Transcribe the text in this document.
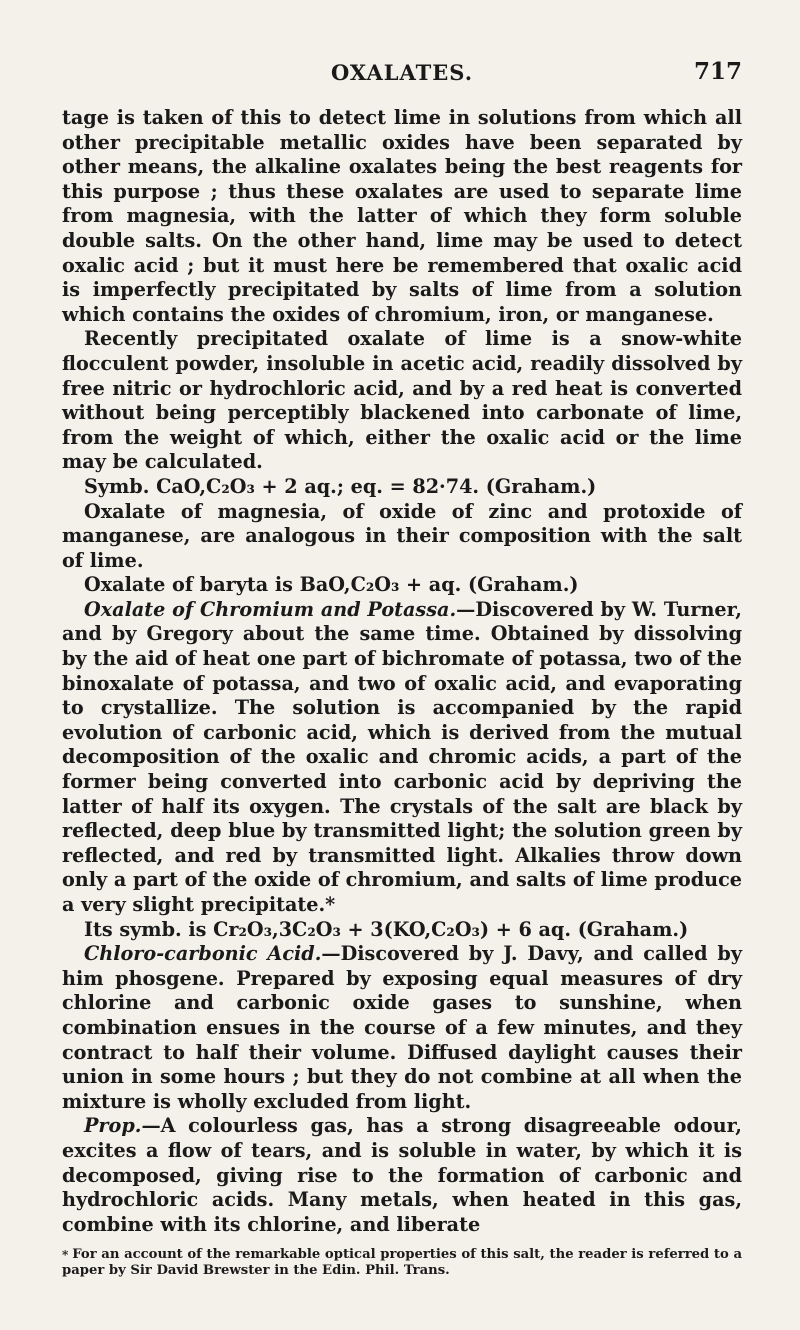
OXALATES.	717

tage is taken of this to detect lime in solutions from which all other precipitable metallic oxides have been separated by other means, the alkaline oxalates being the best reagents for this purpose ; thus these oxalates are used to separate lime from magnesia, with the latter of which they form soluble double salts. On the other hand, lime may be used to detect oxalic acid ; but it must here be remembered that oxalic acid is imperfectly precipitated by salts of lime from a solution which contains the oxides of chromium, iron, or manganese.

Recently precipitated oxalate of lime is a snow-white flocculent powder, insoluble in acetic acid, readily dissolved by free nitric or hydrochloric acid, and by a red heat is converted without being perceptibly blackened into carbonate of lime, from the weight of which, either the oxalic acid or the lime may be calculated.

Symb. CaO,C₂O₃ + 2 aq.; eq. = 82·74. (Graham.)

Oxalate of magnesia, of oxide of zinc and protoxide of manganese, are analogous in their composition with the salt of lime.

Oxalate of baryta is BaO,C₂O₃ + aq. (Graham.)

Oxalate of Chromium and Potassa.—Discovered by W. Turner, and by Gregory about the same time. Obtained by dissolving by the aid of heat one part of bichromate of potassa, two of the binoxalate of potassa, and two of oxalic acid, and evaporating to crystallize. The solution is accompanied by the rapid evolution of carbonic acid, which is derived from the mutual decomposition of the oxalic and chromic acids, a part of the former being converted into carbonic acid by depriving the latter of half its oxygen. The crystals of the salt are black by reflected, deep blue by transmitted light; the solution green by reflected, and red by transmitted light. Alkalies throw down only a part of the oxide of chromium, and salts of lime produce a very slight precipitate.*

Its symb. is Cr₂O₃,3C₂O₃ + 3(KO,C₂O₃) + 6 aq. (Graham.)

Chloro-carbonic Acid.—Discovered by J. Davy, and called by him phosgene. Prepared by exposing equal measures of dry chlorine and carbonic oxide gases to sunshine, when combination ensues in the course of a few minutes, and they contract to half their volume. Diffused daylight causes their union in some hours ; but they do not combine at all when the mixture is wholly excluded from light.

Prop.—A colourless gas, has a strong disagreeable odour, excites a flow of tears, and is soluble in water, by which it is decomposed, giving rise to the formation of carbonic and hydrochloric acids. Many metals, when heated in this gas, combine with its chlorine, and liberate

* For an account of the remarkable optical properties of this salt, the reader is referred to a paper by Sir David Brewster in the Edin. Phil. Trans.
